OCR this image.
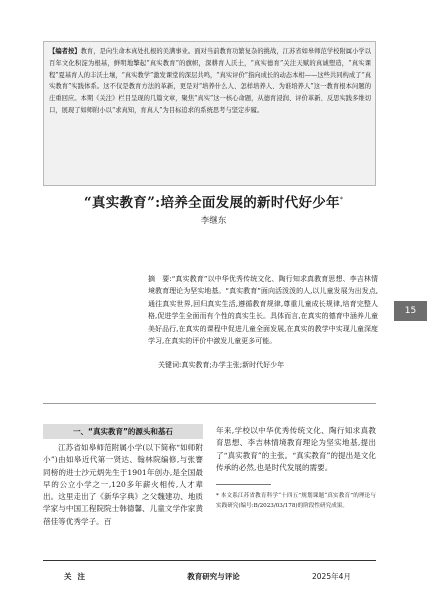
【编者按】教育，是向生命本真处扎根的美满事业。面对当前教育功繁复杂的挑战，江苏省如皋师范学校附属小学以百年文化积淀为根基，鲜明地擎起“真实教育”的旗帜，深耕育人沃土，“真实德育”关注天赋的真诚塑造，“真实课程”夏基育人的丰沃土壤，“真实教学”激发课堂的深层共鸣，“真实评价”指向成长的动态本相——这些共同构成了“真实教育”实践体系。这不仅是教育方法的革新，更是对“培养什么人、怎样培养人、为谁培养人”这一教育根本问题的庄重回应。本期《关注》栏目呈现的几篇文章，聚焦“真实”这一核心命题，从德育浸润、评价革新、反思实践多维切口，展现了如师附小以“求真知，育真人”为目标追求的系统思考与坚定步履。

“真实教育”:培养全面发展的新时代好少年*
李继东
15

摘　要:“真实教育”以中华优秀传统文化、陶行知求真教育思想、李吉林情境教育理论为坚实地基。“真实教育”面向活泼泼的人,以儿童发展为出发点,通往真实世界,回归真实生活,遵循教育规律,尊重儿童成长规律,培育完整人格,促进学生全面而有个性的真实生长。具体而言,在真实的德育中涵养儿童美好品行,在真实的课程中促进儿童全面发展,在真实的教学中实现儿童深度学习,在真实的评价中激发儿童更多可能。

关键词:真实教育;办学主张;新时代好少年

一、“真实教育”的源头和基石

江苏省如皋师范附属小学(以下简称“如师附小”)由如皋近代第一贤达、翰林院编修,与张謇同榜的进士沙元炳先生于1901年创办,是全国最早的公立小学之一,120多年薪火相传,人才辈出。这里走出了《新华字典》之父魏建功、地质学家与中国工程院院士韩德馨、儿童文学作家黄蓓佳等优秀学子。百

年来,学校以中华优秀传统文化、陶行知求真教育思想、李吉林情境教育理论为坚实地基,提出了“真实教育”的主张。“真实教育”的提出是文化传承的必然,也是时代发展的需要。

* 本文系江苏省教育科学“十四五”规划课题“真实教育”的理论与实践研究(编号:B/2023/03/178)的阶段性研究成果。

关注	教育研究与评论	2025年4月
